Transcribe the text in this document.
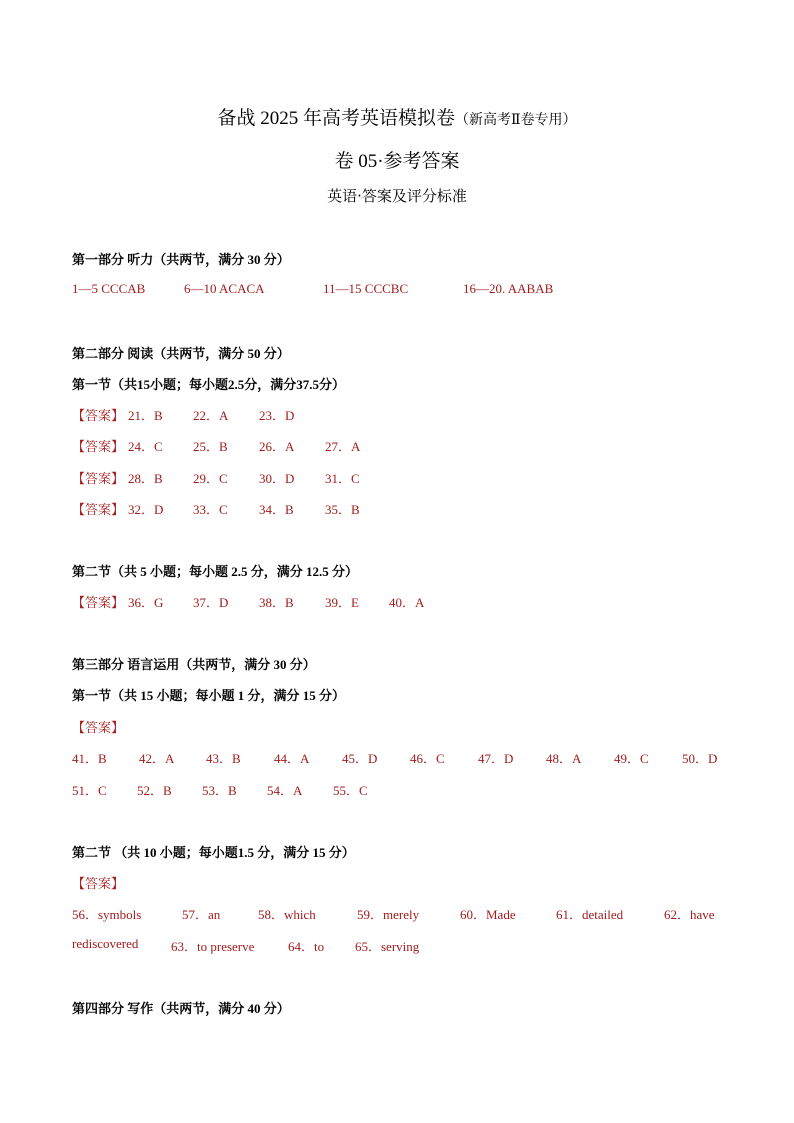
备战 2025 年高考英语模拟卷（新高考Ⅱ卷专用）
卷 05·参考答案
英语·答案及评分标准
第一部分 听力（共两节，满分 30 分）
1—5 CCCAB	6—10 ACACA	11—15 CCCBC	16—20. AABAB
第二部分 阅读（共两节，满分 50 分）
第一节（共15小题；每小题2.5分，满分37.5分）
【答案】 21．B 22．A 23．D
【答案】 24．C 25．B 26．A 27．A
【答案】 28．B 29．C 30．D 31．C
【答案】 32．D 33．C 34．B 35．B
第二节（共 5 小题；每小题 2.5 分，满分 12.5 分）
【答案】 36．G 37．D 38．B 39．E 40．A
第三部分 语言运用（共两节，满分 30 分）
第一节（共 15 小题；每小题 1 分，满分 15 分）
【答案】
41．B 42．A 43．B	44．A	45．D	46．C	47．D	48．A	49．C	50．D
51．C 52．B 53．B 54．A 55．C
第二节 （共 10 小题；每小题1.5 分，满分 15 分）
【答案】
56．symbols	57．an	58．which	59．merely	60．Made	61．detailed	62．have
rediscovered	63．to preserve	64．to 65．serving
第四部分 写作（共两节，满分 40 分）
